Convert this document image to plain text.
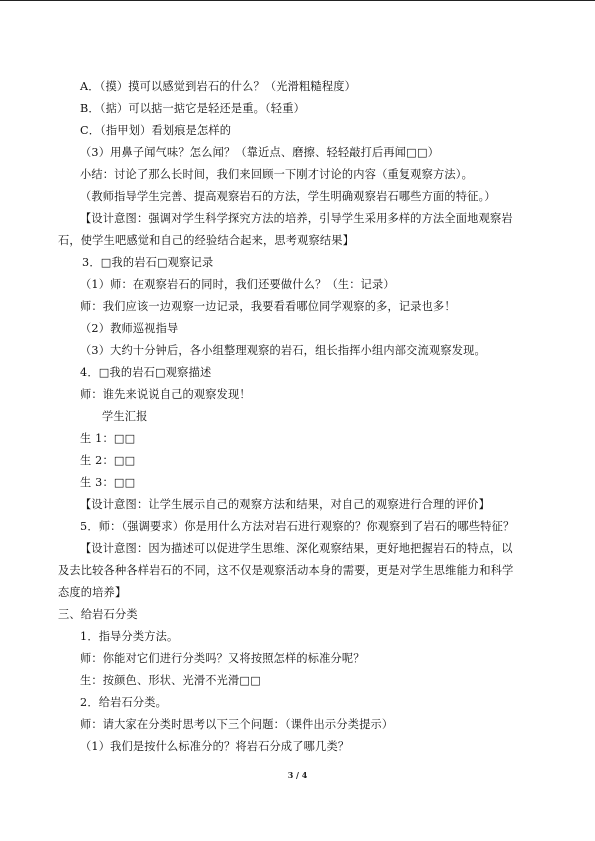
A．（摸）摸可以感觉到岩石的什么？（光滑粗糙程度）
B．（掂）可以掂一掂它是轻还是重。（轻重）
C．（指甲划）看划痕是怎样的
（3）用鼻子闻气味？怎么闻？（靠近点、磨擦、轻轻敲打后再闻□□）
小结：讨论了那么长时间，我们来回顾一下刚才讨论的内容（重复观察方法）。
（教师指导学生完善、提高观察岩石的方法，学生明确观察岩石哪些方面的特征。）
【设计意图：强调对学生科学探究方法的培养，引导学生采用多样的方法全面地观察岩
石，使学生吧感觉和自己的经验结合起来，思考观察结果】
3．□我的岩石□观察记录
（1）师：在观察岩石的同时，我们还要做什么？（生：记录）
师：我们应该一边观察一边记录，我要看看哪位同学观察的多，记录也多！
（2）教师巡视指导
（3）大约十分钟后，各小组整理观察的岩石，组长指挥小组内部交流观察发现。
4．□我的岩石□观察描述
师：谁先来说说自己的观察发现！
学生汇报
生 1：□□
生 2：□□
生 3：□□
【设计意图：让学生展示自己的观察方法和结果，对自己的观察进行合理的评价】
5．师：（强调要求）你是用什么方法对岩石进行观察的？你观察到了岩石的哪些特征？
【设计意图：因为描述可以促进学生思维、深化观察结果，更好地把握岩石的特点，以
及去比较各种各样岩石的不同，这不仅是观察活动本身的需要，更是对学生思维能力和科学
态度的培养】
三、给岩石分类
1．指导分类方法。
师：你能对它们进行分类吗？又将按照怎样的标准分呢？
生：按颜色、形状、光滑不光滑□□
2．给岩石分类。
师：请大家在分类时思考以下三个问题：（课件出示分类提示）
（1）我们是按什么标准分的？将岩石分成了哪几类？
3 / 4
